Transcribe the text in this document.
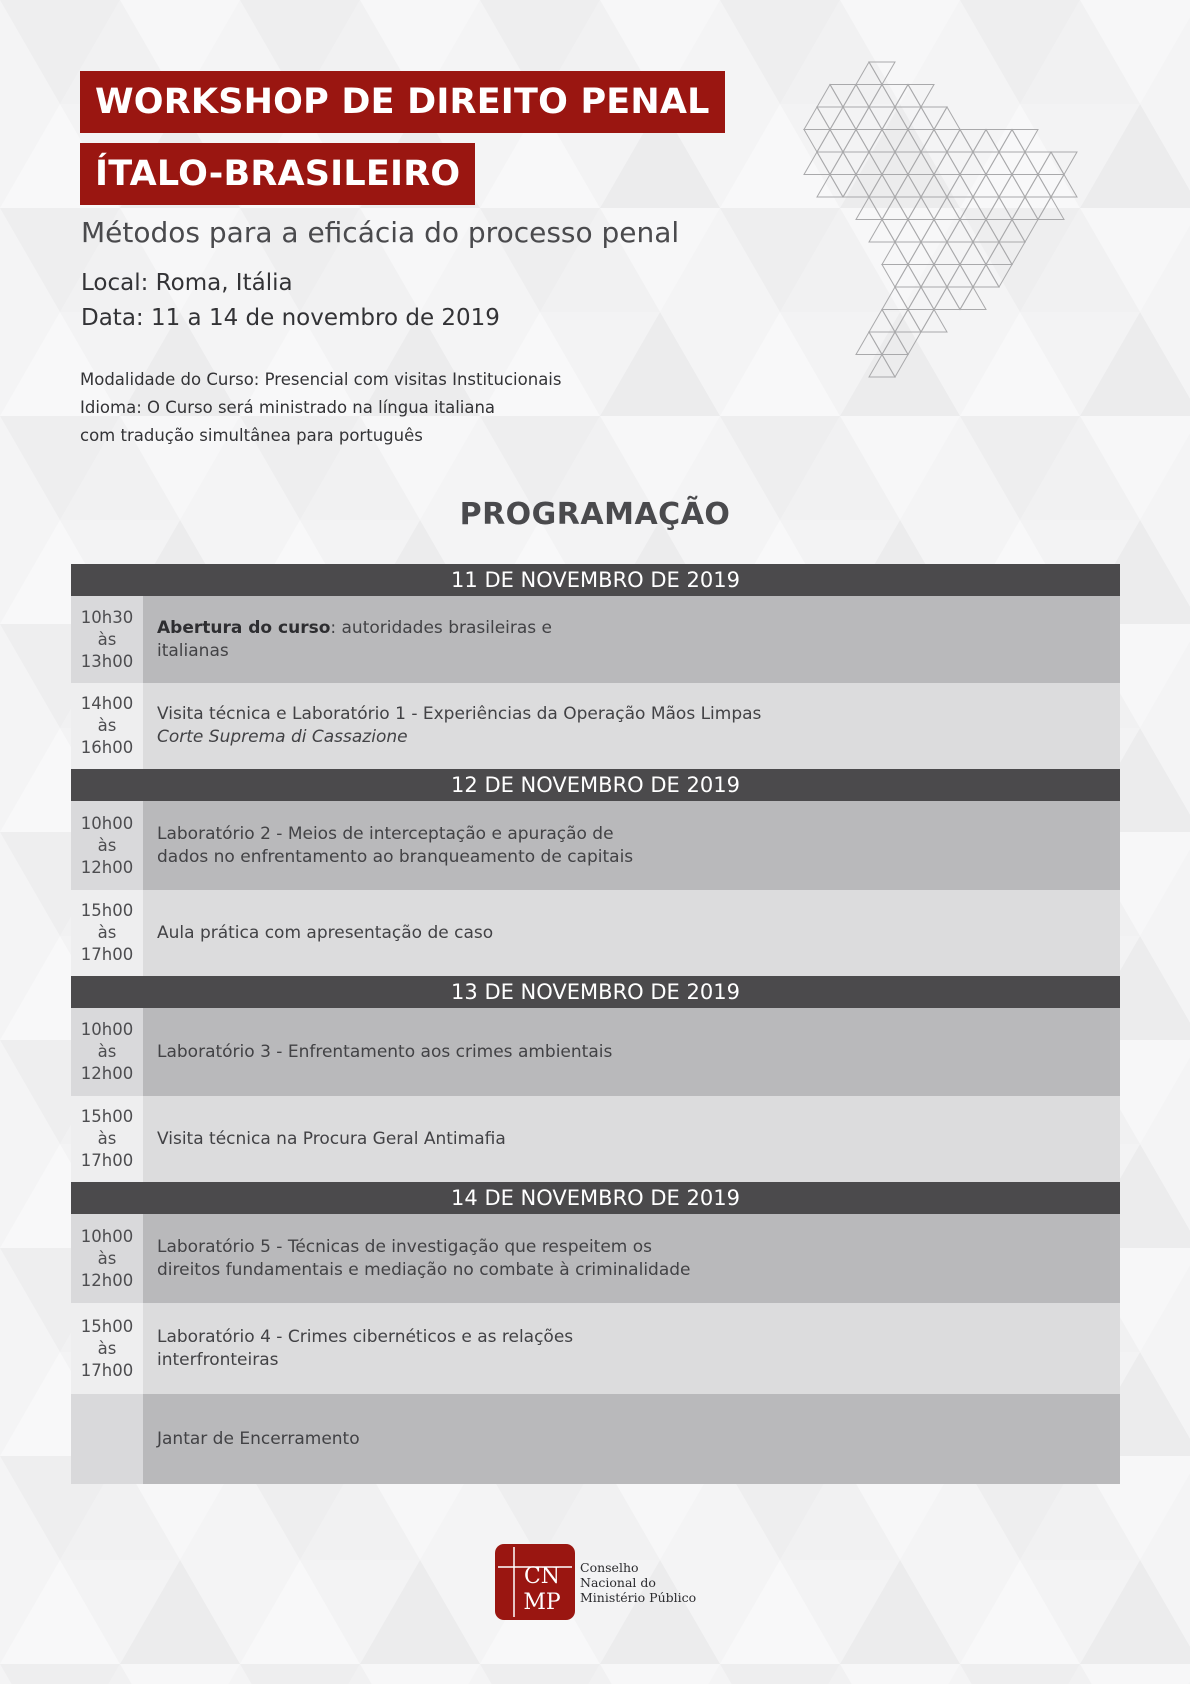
WORKSHOP DE DIREITO PENAL
ÍTALO-BRASILEIRO
Métodos para a eficácia do processo penal
Local: Roma, Itália
Data: 11 a 14 de novembro de 2019
Modalidade do Curso: Presencial com visitas Institucionais
Idioma: O Curso será ministrado na língua italiana
com tradução simultânea para português
PROGRAMAÇÃO
11 DE NOVEMBRO DE 2019
10h30
às
13h00
Abertura do curso: autoridades brasileiras e
italianas
14h00
às
16h00
Visita técnica e Laboratório 1 - Experiências da Operação Mãos Limpas
Corte Suprema di Cassazione
12 DE NOVEMBRO DE 2019
10h00
às
12h00
Laboratório 2 - Meios de interceptação e apuração de
dados no enfrentamento ao branqueamento de capitais
15h00
às
17h00
Aula prática com apresentação de caso
13 DE NOVEMBRO DE 2019
10h00
às
12h00
Laboratório 3 - Enfrentamento aos crimes ambientais
15h00
às
17h00
Visita técnica na Procura Geral Antimafia
14 DE NOVEMBRO DE 2019
10h00
às
12h00
Laboratório 5 - Técnicas de investigação que respeitem os
direitos fundamentais e mediação no combate à criminalidade
15h00
às
17h00
Laboratório 4 - Crimes cibernéticos e as relações
interfronteiras
Jantar de Encerramento
CN
MP
Conselho
Nacional do
Ministério Público
